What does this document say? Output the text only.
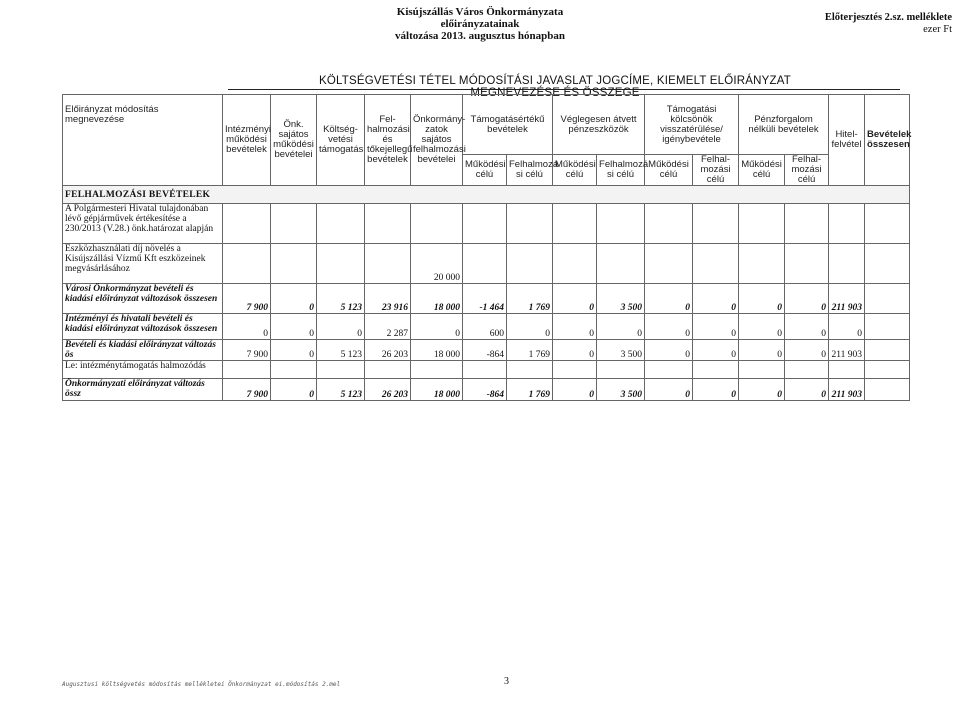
Kisújszállás Város Önkormányzata
előirányzatainak
változása 2013. augusztus hónapban
Előterjesztés 2.sz. melléklete
ezer Ft
KÖLTSÉGVETÉSI TÉTEL MÓDOSÍTÁSI JAVASLAT JOGCÍME, KIEMELT ELŐIRÁNYZAT MEGNEVEZÉSE ÉS ÖSSZEGE
Előirányzat módosítás megnevezése	Intézményi működési bevételek	Önk. sajátos működési bevételei	Költség-vetési támogatás	Fel-halmozási és tőkejellegű bevételek	Önkormány-zatok sajátos felhalmozási bevételei	Támogatásértékű bevételek		Véglegesen átvett pénzeszközök		Támogatási kölcsönök visszatérülése/ igénybevétele		Pénzforgalom nélküli bevételek		Hitel-felvétel	Bevételek összesen	
						Működési célú	Felhalmozá si célú	Működési célú	Felhalmozá si célú	Működési célú	Felhal-mozási célú	Működési célú	Felhal-mozási célú			
FELHALMOZÁSI BEVÉTELEK																
A Polgármesteri Hivatal tulajdonában lévő gépjárművek értékesítése a 230/2013 (V.28.) önk.határozat alapján																
Eszközhasználati díj növelés a Kisújszállási Vízmű Kft eszközeinek megvásárlásához					20 000											
Városi Önkormányzat bevételi és kiadási előirányzat változások összesen	7 900	0	5 123	23 916	18 000	-1 464	1 769	0	3 500	0	0	0	0	211 903		
Intézményi és hivatali bevételi és kiadási előirányzat változások összesen	0	0	0	2 287	0	600	0	0	0	0	0	0	0	0		
Bevételi és kiadási előirányzat változás ös	7 900	0	5 123	26 203	18 000	-864	1 769	0	3 500	0	0	0	0	211 903		
Le: intézménytámogatás halmozódás																
Önkormányzati előirányzat változás össz	7 900	0	5 123	26 203	18 000	-864	1 769	0	3 500	0	0	0	0	211 903		
Augusztusi költségvetés módosítás mellékletei Önkormányzat ei.módosítás 2.mel	3
